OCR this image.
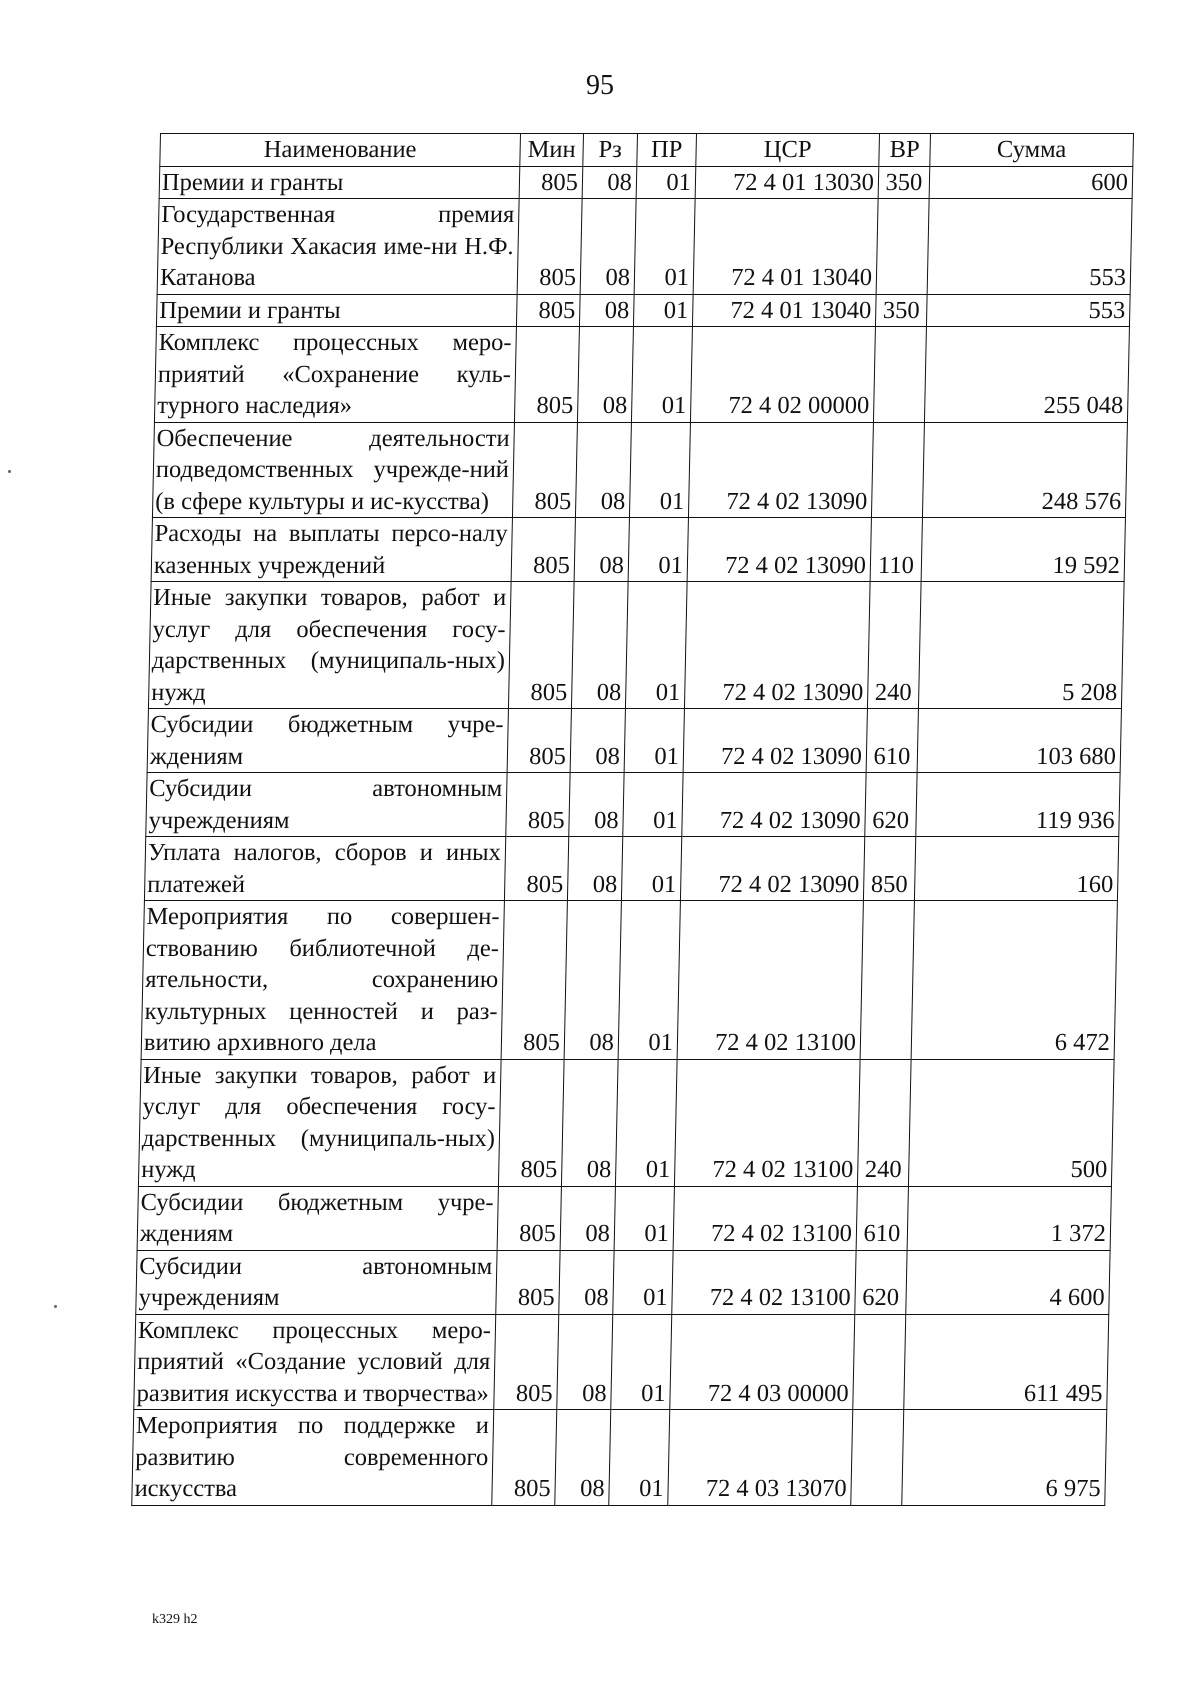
95
Наименование	Мин	Рз	ПР	ЦСР	ВР	Сумма
Премии и гранты	805	08	01	72 4 01 13030	350	600
Государственная премия Республики Хакасия име-ни Н.Ф. Катанова	805	08	01	72 4 01 13040		553
Премии и гранты	805	08	01	72 4 01 13040	350	553
Комплекс процессных меро-приятий «Сохранение куль-турного наследия»	805	08	01	72 4 02 00000		255 048
Обеспечение деятельности подведомственных учрежде-ний (в сфере культуры и ис-кусства)	805	08	01	72 4 02 13090		248 576
Расходы на выплаты персо-налу казенных учреждений	805	08	01	72 4 02 13090	110	19 592
Иные закупки товаров, работ и услуг для обеспечения госу-дарственных (муниципаль-ных) нужд	805	08	01	72 4 02 13090	240	5 208
Субсидии бюджетным учре-ждениям	805	08	01	72 4 02 13090	610	103 680
Субсидии автономным учреждениям	805	08	01	72 4 02 13090	620	119 936
Уплата налогов, сборов и иных платежей	805	08	01	72 4 02 13090	850	160
Мероприятия по совершен-ствованию библиотечной де-ятельности, сохранению культурных ценностей и раз-витию архивного дела	805	08	01	72 4 02 13100		6 472
Иные закупки товаров, работ и услуг для обеспечения госу-дарственных (муниципаль-ных) нужд	805	08	01	72 4 02 13100	240	500
Субсидии бюджетным учре-ждениям	805	08	01	72 4 02 13100	610	1 372
Субсидии автономным учреждениям	805	08	01	72 4 02 13100	620	4 600
Комплекс процессных меро-приятий «Создание условий для развития искусства и творчества»	805	08	01	72 4 03 00000		611 495
Мероприятия по поддержке и развитию современного искусства	805	08	01	72 4 03 13070		6 975
k329 h2
